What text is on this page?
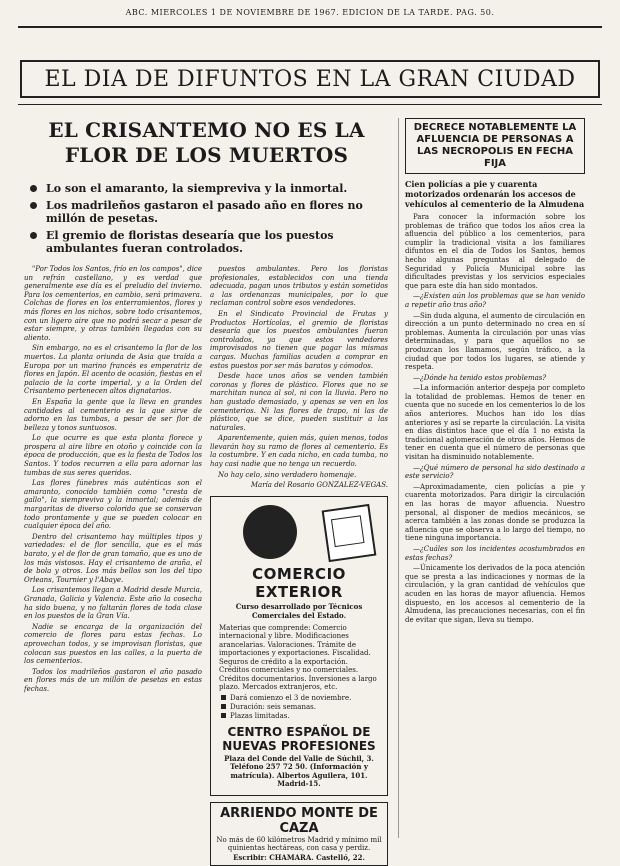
ABC. MIERCOLES 1 DE NOVIEMBRE DE 1967. EDICION DE LA TARDE. PAG. 50.
EL DIA DE DIFUNTOS EN LA GRAN CIUDAD
EL CRISANTEMO NO ES LA FLOR DE LOS MUERTOS
Lo son el amaranto, la siempreviva y la inmortal.
Los madrileños gastaron el pasado año en flores no millón de pesetas.
El gremio de floristas desearía que los puestos ambulantes fueran controlados.

"Por Todos los Santos, frío en los campos", dice un refrán castellano, y es verdad que generalmente ese día es el preludio del invierno. Para los cementerios, en cambio, será primavera. Colchas de flores en los enterramientos, flores y más flores en los nichos, sobre todo crisantemos, con un ligero aire que no podrá secar a pesar de estar siempre, y otras también llegadas con su aliento.

Sin embargo, no es el crisantemo la flor de los muertos. La planta oriunda de Asia que traída a Europa por un marino francés es emperatriz de flores en Japón. El acento de ocasión, fiestas en el palacio de la corte imperial, y a la Orden del Crisantemo pertenecen altos dignatarios.

En España la gente que la lleva en grandes cantidades al cementerio es la que sirve de adorno en las tumbas, a pesar de ser flor de belleza y tonos suntuosos.

Lo que ocurre es que esta planta florece y prospera al aire libre en otoño y coincide con la época de producción, que es la fiesta de Todos los Santos. Y todos recurren a ella para adornar las tumbas de sus seres queridos.

Las flores fúnebres más auténticas son el amaranto, conocido también como "cresta de gallo", la siempreviva y la inmortal; además de margaritas de diverso colorido que se conservan todo prontamente y que se pueden colocar en cualquier época del año.

Dentro del crisantemo hay múltiples tipos y variedades: el de flor sencilla, que es el más barato, y el de flor de gran tamaño, que es uno de los más vistosos. Hay el crisantemo de araña, el de bola y otros. Los más bellos son los del tipo Orleans, Tournier y l'Abaye.

Los crisantemos llegan a Madrid desde Murcia, Granada, Galicia y Valencia. Este año la cosecha ha sido buena, y no faltarán flores de toda clase en los puestos de la Gran Vía.

Nadie se encarga de la organización del comercio de flores para estas fechas. Lo aprovechan todos, y se improvisan floristas, que colocan sus puestos en las calles, a la puerta de los cementerios.

Todos los madrileños gastaron el año pasado en flores más de un millón de pesetas en estas fechas.

puestos ambulantes. Pero los floristas profesionales, establecidos con una tienda adecuada, pagan unos tributos y están sometidos a las ordenanzas municipales, por lo que reclaman control sobre esos vendedores.

En el Sindicato Provincial de Frutas y Productos Hortícolas, el gremio de floristas desearía que los puestos ambulantes fueran controlados, ya que estos vendedores improvisados no tienen que pagar las mismas cargas. Muchas familias acuden a comprar en estos puestos por ser más baratos y cómodos.

Desde hace unos años se venden también coronas y flores de plástico. Flores que no se marchitan nunca al sol, ni con la lluvia. Pero no han gustado demasiado, y apenas se ven en los cementerios. Ni las flores de trapo, ni las de plástico, que se dice, pueden sustituir a las naturales.

Aparentemente, quien más, quien menos, todos llevarán hoy su ramo de flores al cementerio. Es la costumbre. Y en cada nicho, en cada tumba, no hay casi nadie que no tenga un recuerdo.

No hay celo, sino verdadero homenaje.

María del Rosario GONZALEZ-VEGAS.
COMERCIO EXTERIOR
Curso desarrollado por Técnicos Comerciales del Estado.
Materias que comprende: Comercio internacional y libre. Modificaciones arancelarias. Valoraciones. Trámite de importaciones y exportaciones. Fiscalidad. Seguros de crédito a la exportación. Créditos comerciales y no comerciales. Créditos documentarios. Inversiones a largo plazo. Mercados extranjeros, etc.
Dará comienzo el 3 de noviembre.
Duración: seis semanas.
Plazas limitadas.
CENTRO ESPAÑOL DE NUEVAS PROFESIONES
Plaza del Conde del Valle de Súchil, 3. Teléfono 257 72 50. (Información y matrícula). Albertos Aguilera, 101. Madrid-15.
ARRIENDO MONTE DE CAZA
No más de 60 kilómetros Madrid y mínimo mil quinientas hectáreas, con casa y perdiz.
Escribir: CHAMARA. Castelló, 22.
DECRECE NOTABLEMENTE LA AFLUENCIA DE PERSONAS A LAS NECROPOLIS EN FECHA FIJA
Cien policías a pie y cuarenta motorizados ordenarán los accesos de vehículos al cementerio de la Almudena

Para conocer la información sobre los problemas de tráfico que todos los años crea la afluencia del público a los cementerios, para cumplir la tradicional visita a los familiares difuntos en el día de Todos los Santos, hemos hecho algunas preguntas al delegado de Seguridad y Policía Municipal sobre las dificultades previstas y los servicios especiales que para este día han sido montados.

—¿Existen aún los problemas que se han venido a repetir año tras año?

—Sin duda alguna, el aumento de circulación en dirección a un punto determinado no crea en sí problemas. Aumenta la circulación por unas vías determinadas, y para que aquéllos no se produzcan los llamamos, según tráfico, a la ciudad que por todos los lugares, se atiende y respeta.

—¿Dónde ha tenido estos problemas?

—La información anterior despeja por completo la totalidad de problemas. Hemos de tener en cuenta que no sucede en los cementerios lo de los años anteriores. Muchos han ido los días anteriores y así se reparte la circulación. La visita en días distintos hace que el día 1 no exista la tradicional aglomeración de otros años. Hemos de tener en cuenta que el número de personas que visitan ha disminuido notablemente.

—¿Qué número de personal ha sido destinado a este servicio?

—Aproximadamente, cien policías a pie y cuarenta motorizados. Para dirigir la circulación en las horas de mayor afluencia. Nuestro personal, al disponer de medios mecánicos, se acerca también a las zonas donde se produzca la afluencia que se observa a lo largo del tiempo, no tiene ninguna importancia.

—¿Cuáles son los incidentes acostumbrados en estas fechas?

—Únicamente los derivados de la poca atención que se presta a las indicaciones y normas de la circulación, y la gran cantidad de vehículos que acuden en las horas de mayor afluencia. Hemos dispuesto, en los accesos al cementerio de la Almudena, las precauciones necesarias, con el fin de evitar que sigan, lleva su tiempo.
